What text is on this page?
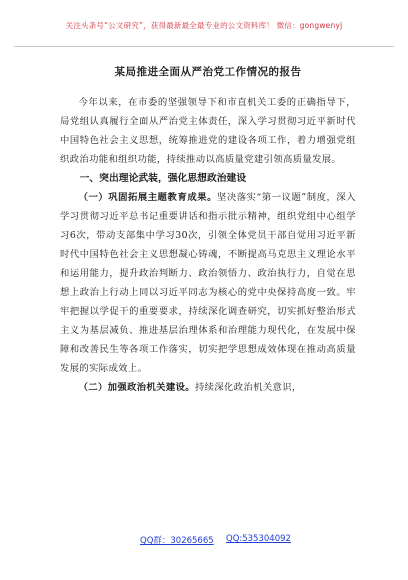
关注头条号“公文研究”，获得最新最全最专业的公文资料库！ 微信：gongwenyj
某局推进全面从严治党工作情况的报告

今年以来，在市委的坚强领导下和市直机关工委的正确指导下，局党组认真履行全面从严治党主体责任，深入学习贯彻习近平新时代中国特色社会主义思想，统筹推进党的建设各项工作，着力增强党组织政治功能和组织功能，持续推动以高质量党建引领高质量发展。

一、突出理论武装，强化思想政治建设

（一）巩固拓展主题教育成果。坚决落实“第一议题”制度，深入学习贯彻习近平总书记重要讲话和指示批示精神，组织党组中心组学习6次，带动支部集中学习30次，引领全体党员干部自觉用习近平新时代中国特色社会主义思想凝心铸魂，不断提高马克思主义理论水平和运用能力，提升政治判断力、政治领悟力、政治执行力，自觉在思想上政治上行动上同以习近平同志为核心的党中央保持高度一致。牢牢把握以学促干的重要要求，持续深化调查研究，切实抓好整治形式主义为基层减负、推进基层治理体系和治理能力现代化，在发展中保障和改善民生等各项工作落实，切实把学思想成效体现在推动高质量发展的实际成效上。

（二）加强政治机关建设。持续深化政治机关意识，

QQ群：30265665 QQ:535304092
